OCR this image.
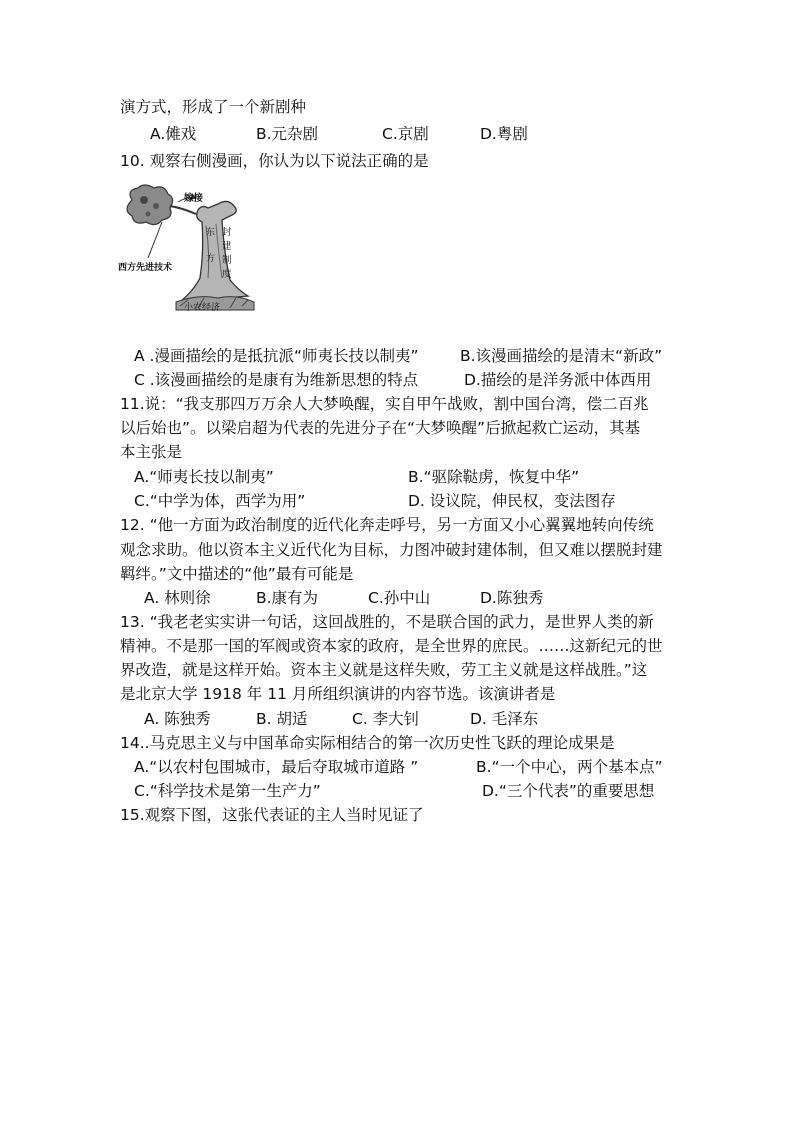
演方式，形成了一个新剧种
A.傩戏	B.元杂剧	C.京剧	D.粤剧
10. 观察右侧漫画，你认为以下说法正确的是
嫁接
西方先进技术
东方
封建制度
小农经济
A .漫画描绘的是抵抗派“师夷长技以制夷”	B.该漫画描绘的是清末“新政”
C .该漫画描绘的是康有为维新思想的特点	D.描绘的是洋务派中体西用
11.说：“我支那四万万余人大梦唤醒，实自甲午战败，割中国台湾，偿二百兆
以后始也”。以梁启超为代表的先进分子在“大梦唤醒”后掀起救亡运动，其基
本主张是
A.“师夷长技以制夷”	B.“驱除鞑虏，恢复中华”
C.“中学为体，西学为用”	D. 设议院，伸民权，变法图存
12. “他一方面为政治制度的近代化奔走呼号，另一方面又小心翼翼地转向传统
观念求助。他以资本主义近代化为目标，力图冲破封建体制，但又难以摆脱封建
羁绊。”文中描述的“他”最有可能是
A. 林则徐	B.康有为	C.孙中山	D.陈独秀
13. “我老老实实讲一句话，这回战胜的，不是联合国的武力，是世界人类的新
精神。不是那一国的军阀或资本家的政府，是全世界的庶民。……这新纪元的世
界改造，就是这样开始。资本主义就是这样失败，劳工主义就是这样战胜。”这
是北京大学 1918 年 11 月所组织演讲的内容节选。该演讲者是
A. 陈独秀	B. 胡适	C. 李大钊	D. 毛泽东
14..马克思主义与中国革命实际相结合的第一次历史性飞跃的理论成果是
A.“以农村包围城市，最后夺取城市道路 ”	B.“一个中心，两个基本点”
C.“科学技术是第一生产力”	D.“三个代表”的重要思想
15.观察下图，这张代表证的主人当时见证了
